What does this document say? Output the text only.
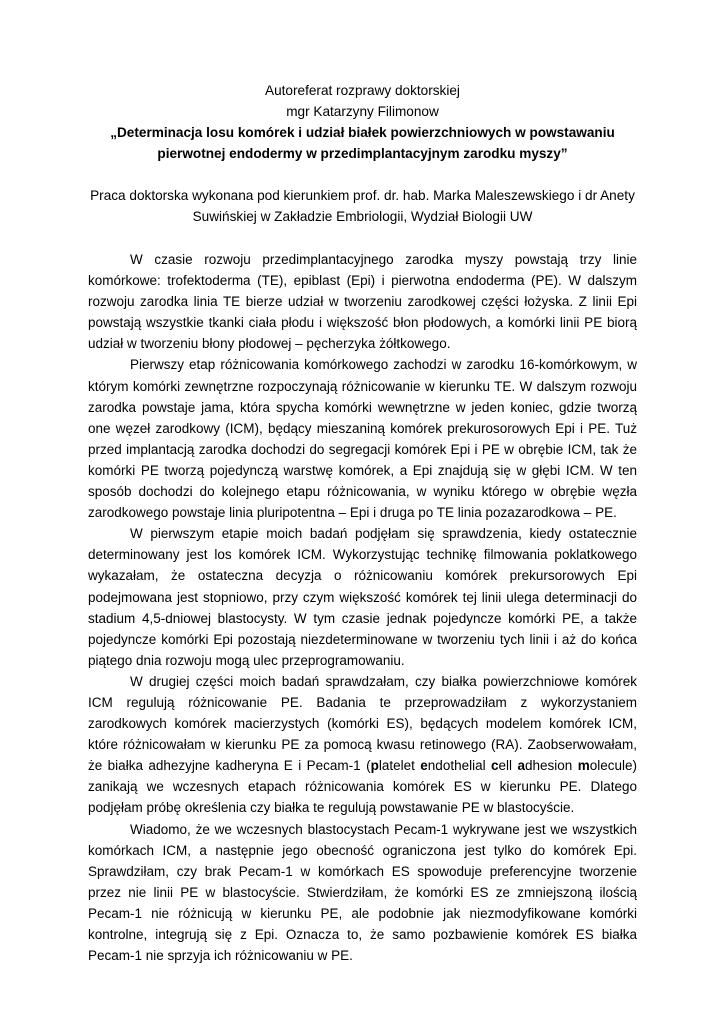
Autoreferat rozprawy doktorskiej
mgr Katarzyny Filimonow
„Determinacja losu komórek i udział białek powierzchniowych w powstawaniu pierwotnej endodermy w przedimplantacyjnym zarodku myszy”
Praca doktorska wykonana pod kierunkiem prof. dr. hab. Marka Maleszewskiego i dr Anety Suwińskiej w Zakładzie Embriologii, Wydział Biologii UW

W czasie rozwoju przedimplantacyjnego zarodka myszy powstają trzy linie komórkowe: trofektoderma (TE), epiblast (Epi) i pierwotna endoderma (PE). W dalszym rozwoju zarodka linia TE bierze udział w tworzeniu zarodkowej części łożyska. Z linii Epi powstają wszystkie tkanki ciała płodu i większość błon płodowych, a komórki linii PE biorą udział w tworzeniu błony płodowej – pęcherzyka żółtkowego.

Pierwszy etap różnicowania komórkowego zachodzi w zarodku 16-komórkowym, w którym komórki zewnętrzne rozpoczynają różnicowanie w kierunku TE. W dalszym rozwoju zarodka powstaje jama, która spycha komórki wewnętrzne w jeden koniec, gdzie tworzą one węzeł zarodkowy (ICM), będący mieszaniną komórek prekurosorowych Epi i PE. Tuż przed implantacją zarodka dochodzi do segregacji komórek Epi i PE w obrębie ICM, tak że komórki PE tworzą pojedynczą warstwę komórek, a Epi znajdują się w głębi ICM. W ten sposób dochodzi do kolejnego etapu różnicowania, w wyniku którego w obrębie węzła zarodkowego powstaje linia pluripotentna – Epi i druga po TE linia pozazarodkowa – PE.

W pierwszym etapie moich badań podjęłam się sprawdzenia, kiedy ostatecznie determinowany jest los komórek ICM. Wykorzystując technikę filmowania poklatkowego wykazałam, że ostateczna decyzja o różnicowaniu komórek prekursorowych Epi podejmowana jest stopniowo, przy czym większość komórek tej linii ulega determinacji do stadium 4,5-dniowej blastocysty. W tym czasie jednak pojedyncze komórki PE, a także pojedyncze komórki Epi pozostają niezdeterminowane w tworzeniu tych linii i aż do końca piątego dnia rozwoju mogą ulec przeprogramowaniu.

W drugiej części moich badań sprawdzałam, czy białka powierzchniowe komórek ICM regulują różnicowanie PE. Badania te przeprowadziłam z wykorzystaniem zarodkowych komórek macierzystych (komórki ES), będących modelem komórek ICM, które różnicowałam w kierunku PE za pomocą kwasu retinowego (RA). Zaobserwowałam, że białka adhezyjne kadheryna E i Pecam-1 (platelet endothelial cell adhesion molecule) zanikają we wczesnych etapach różnicowania komórek ES w kierunku PE. Dlatego podjęłam próbę określenia czy białka te regulują powstawanie PE w blastocyście.

Wiadomo, że we wczesnych blastocystach Pecam-1 wykrywane jest we wszystkich komórkach ICM, a następnie jego obecność ograniczona jest tylko do komórek Epi. Sprawdziłam, czy brak Pecam-1 w komórkach ES spowoduje preferencyjne tworzenie przez nie linii PE w blastocyście. Stwierdziłam, że komórki ES ze zmniejszoną ilością Pecam-1 nie różnicują w kierunku PE, ale podobnie jak niezmodyfikowane komórki kontrolne, integrują się z Epi. Oznacza to, że samo pozbawienie komórek ES białka Pecam-1 nie sprzyja ich różnicowaniu w PE.
